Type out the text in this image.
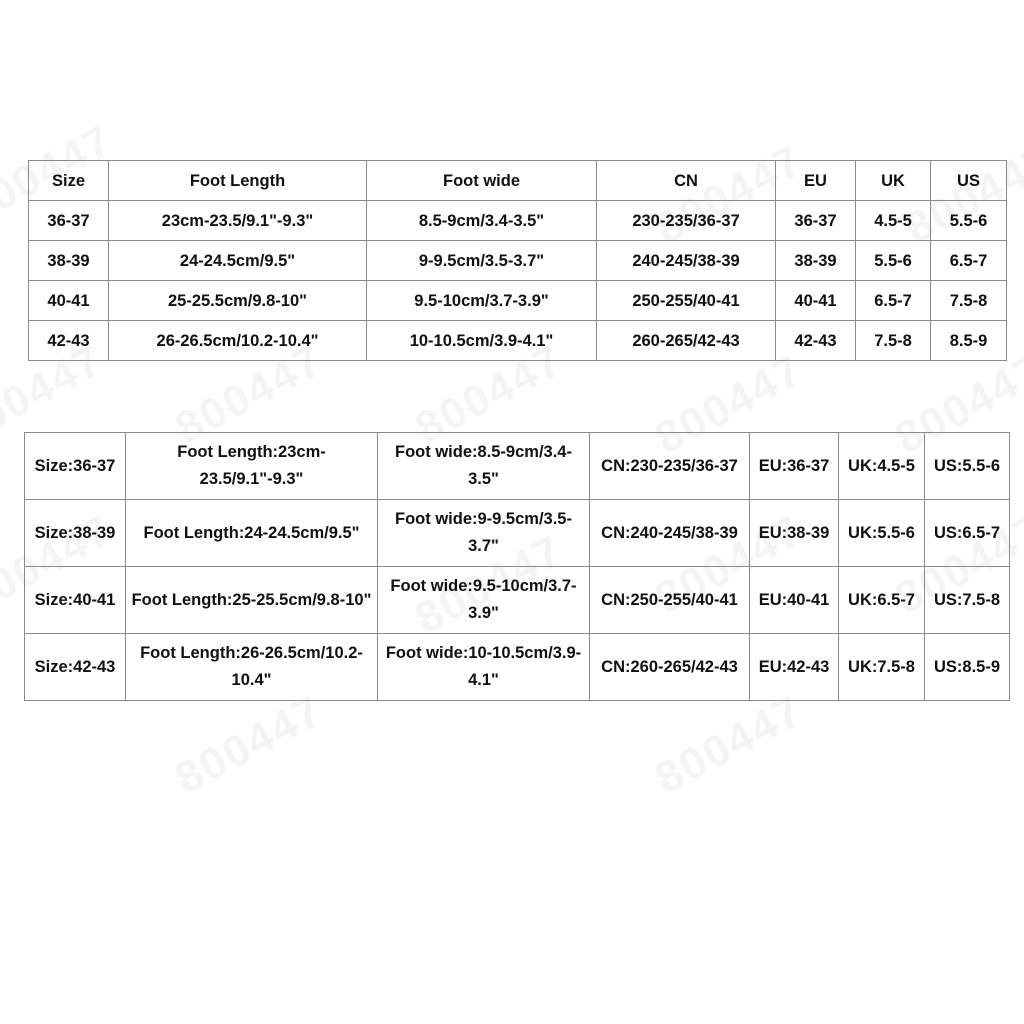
Size	Foot Length	Foot wide	CN	EU	UK	US
36-37	23cm-23.5/9.1"-9.3"	8.5-9cm/3.4-3.5"	230-235/36-37	36-37	4.5-5	5.5-6
38-39	24-24.5cm/9.5"	9-9.5cm/3.5-3.7"	240-245/38-39	38-39	5.5-6	6.5-7
40-41	25-25.5cm/9.8-10"	9.5-10cm/3.7-3.9"	250-255/40-41	40-41	6.5-7	7.5-8
42-43	26-26.5cm/10.2-10.4"	10-10.5cm/3.9-4.1"	260-265/42-43	42-43	7.5-8	8.5-9
Size:36-37	Foot Length:23cm-23.5/9.1"-9.3"	Foot wide:8.5-9cm/3.4-3.5"	CN:230-235/36-37	EU:36-37	UK:4.5-5	US:5.5-6
Size:38-39	Foot Length:24-24.5cm/9.5"	Foot wide:9-9.5cm/3.5-3.7"	CN:240-245/38-39	EU:38-39	UK:5.5-6	US:6.5-7
Size:40-41	Foot Length:25-25.5cm/9.8-10"	Foot wide:9.5-10cm/3.7-3.9"	CN:250-255/40-41	EU:40-41	UK:6.5-7	US:7.5-8
Size:42-43	Foot Length:26-26.5cm/10.2-10.4"	Foot wide:10-10.5cm/3.9-4.1"	CN:260-265/42-43	EU:42-43	UK:7.5-8	US:8.5-9
